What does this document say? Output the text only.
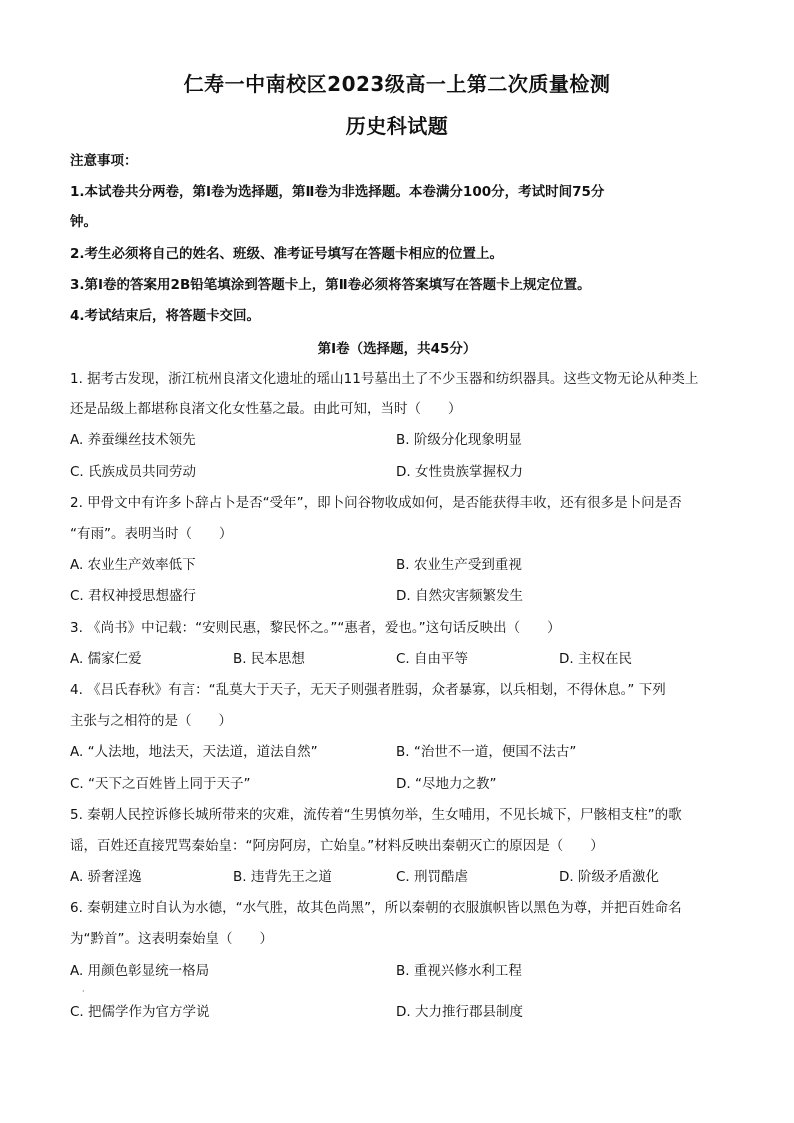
仁寿一中南校区2023级高一上第二次质量检测
历史科试题
注意事项：
1.本试卷共分两卷，第Ⅰ卷为选择题，第Ⅱ卷为非选择题。本卷满分100分，考试时间75分
钟。
2.考生必须将自己的姓名、班级、准考证号填写在答题卡相应的位置上。
3.第Ⅰ卷的答案用2B铅笔填涂到答题卡上，第Ⅱ卷必须将答案填写在答题卡上规定位置。
4.考试结束后，将答题卡交回。
第Ⅰ卷（选择题，共45分）
1. 据考古发现，浙江杭州良渚文化遗址的瑶山11号墓出土了不少玉器和纺织器具。这些文物无论从种类上
还是品级上都堪称良渚文化女性墓之最。由此可知，当时（　　）
A. 养蚕缫丝技术领先	B. 阶级分化现象明显
C. 氏族成员共同劳动	D. 女性贵族掌握权力
2. 甲骨文中有许多卜辞占卜是否“受年”，即卜问谷物收成如何，是否能获得丰收，还有很多是卜问是否
“有雨”。表明当时（　　）
A. 农业生产效率低下	B. 农业生产受到重视
C. 君权神授思想盛行	D. 自然灾害频繁发生
3. 《尚书》中记载：“安则民惠，黎民怀之。”“惠者，爱也。”这句话反映出（　　）
A. 儒家仁爱	B. 民本思想	C. 自由平等	D. 主权在民
4. 《吕氏春秋》有言：“乱莫大于天子，无天子则强者胜弱，众者暴寡，以兵相刬，不得休息。” 下列
主张与之相符的是（　　）
A. “人法地，地法天，天法道，道法自然”	B. “治世不一道，便国不法古”
C. “天下之百姓皆上同于天子”	D. “尽地力之教”
5. 秦朝人民控诉修长城所带来的灾难，流传着“生男慎勿举，生女哺用，不见长城下，尸骸相支柱”的歌
谣，百姓还直接咒骂秦始皇：“阿房阿房，亡始皇。”材料反映出秦朝灭亡的原因是（　　）
A. 骄奢淫逸	B. 违背先王之道	C. 刑罚酷虐	D. 阶级矛盾激化
6. 秦朝建立时自认为水德，“水气胜，故其色尚黑”，所以秦朝的衣服旗帜皆以黑色为尊，并把百姓命名
为“黔首”。这表明秦始皇（　　）
A. 用颜色彰显统一格局	B. 重视兴修水利工程
·
C. 把儒学作为官方学说	D. 大力推行郡县制度
